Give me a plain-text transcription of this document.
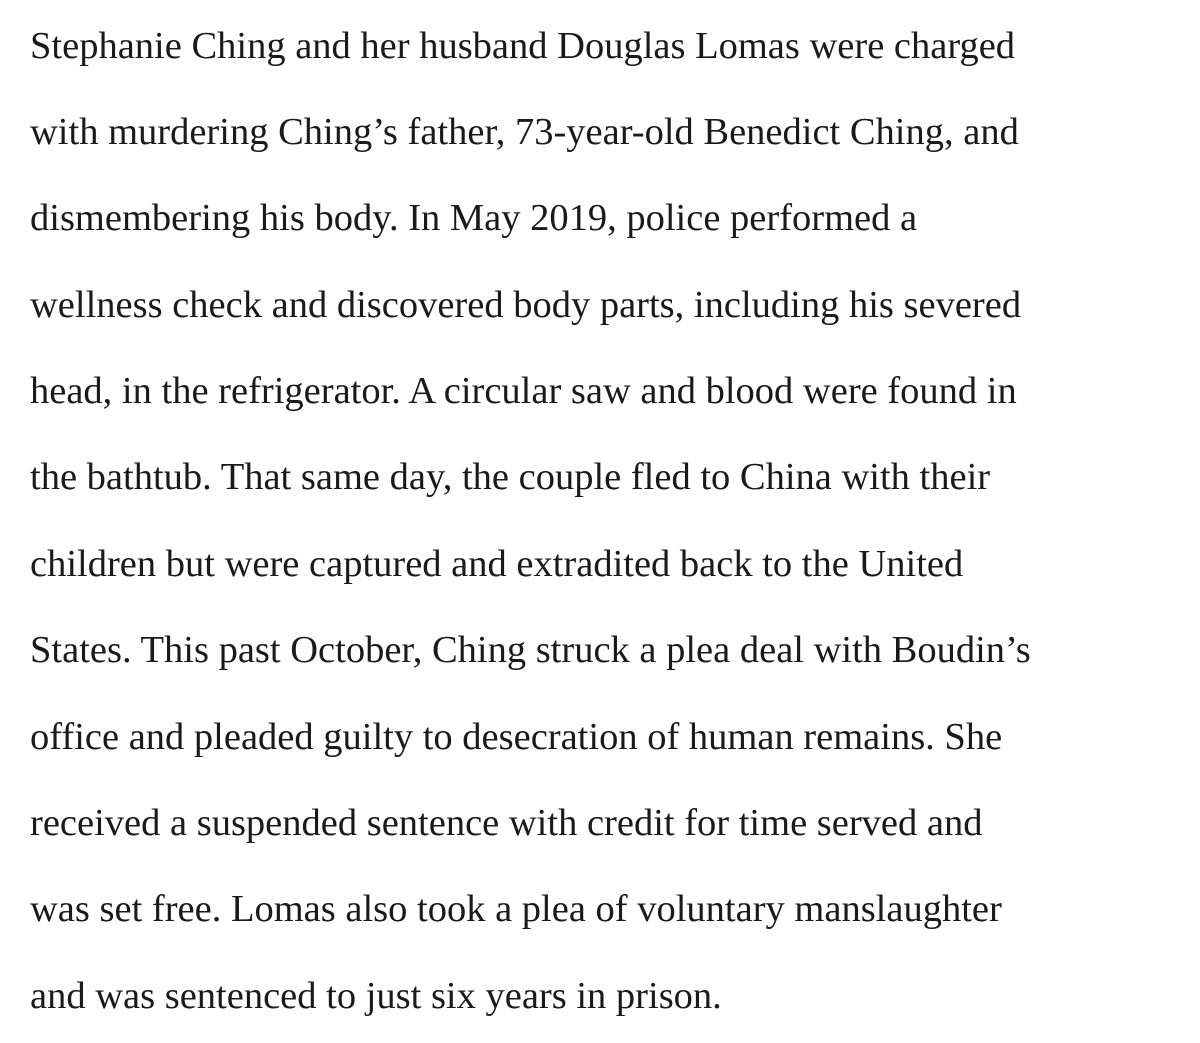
Stephanie Ching and her husband Douglas Lomas were charged
with murdering Ching’s father, 73-year-old Benedict Ching, and
dismembering his body. In May 2019, police performed a
wellness check and discovered body parts, including his severed
head, in the refrigerator. A circular saw and blood were found in
the bathtub. That same day, the couple fled to China with their
children but were captured and extradited back to the United
States. This past October, Ching struck a plea deal with Boudin’s
office and pleaded guilty to desecration of human remains. She
received a suspended sentence with credit for time served and
was set free. Lomas also took a plea of voluntary manslaughter
and was sentenced to just six years in prison.
